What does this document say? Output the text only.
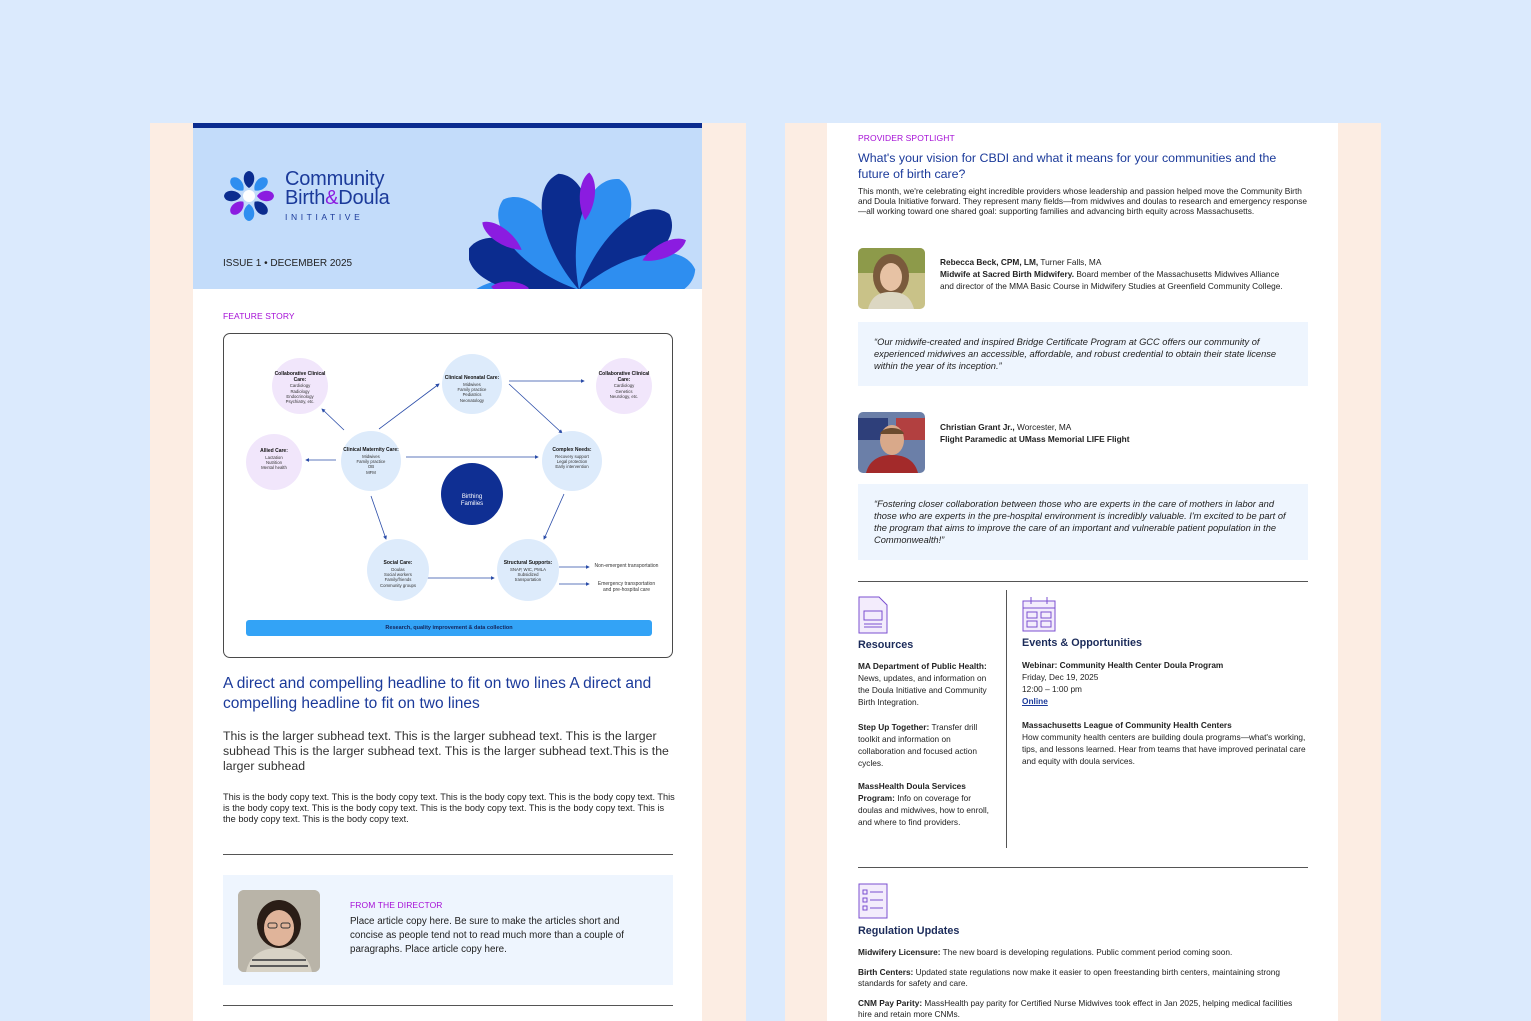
Community
Birth&Doula
INITIATIVE
ISSUE 1 • DECEMBER 2025
FEATURE STORY
Collaborative Clinical Care:
Cardiology
Radiology
Endocrinology
Psychiatry, etc.
Clinical Neonatal Care:
Midwives
Family practice
Pediatrics
Neonatology
Collaborative Clinical Care:
Cardiology
Genetics
Neurology, etc.
Allied Care:
Lactation
Nutrition
Mental health
Clinical Maternity Care:
Midwives
Family practice
OB
MFM
Complex Needs:
Recovery support
Legal protection
Early intervention
Social Care:
Doulas
Social workers
Family/friends
Community groups
Structural Supports:
SNAP, WIC, PMLA
Subsidized
transportation
Birthing
Families
Non-emergent transportation
Emergency transportation and pre-hospital care
Research, quality improvement & data collection
A direct and compelling headline to fit on two lines A direct and compelling headline to fit on two lines
This is the larger subhead text. This is the larger subhead text. This is the larger subhead This is the larger subhead text. This is the larger subhead text.This is the larger subhead
This is the body copy text. This is the body copy text. This is the body copy text. This is the body copy text. This is the body copy text. This is the body copy text. This is the body copy text. This is the body copy text. This is the body copy text. This is the body copy text.
FROM THE DIRECTOR
Place article copy here. Be sure to make the articles short and concise as people tend not to read much more than a couple of paragraphs. Place article copy here.
PROVIDER SPOTLIGHT
What's your vision for CBDI and what it means for your communities and the future of birth care?
This month, we're celebrating eight incredible providers whose leadership and passion helped move the Community Birth and Doula Initiative forward. They represent many fields—from midwives and doulas to research and emergency response—all working toward one shared goal: supporting families and advancing birth equity across Massachusetts.
Rebecca Beck, CPM, LM, Turner Falls, MA
Midwife at Sacred Birth Midwifery. Board member of the Massachusetts Midwives Alliance and director of the MMA Basic Course in Midwifery Studies at Greenfield Community College.
“Our midwife-created and inspired Bridge Certificate Program at GCC offers our community of experienced midwives an accessible, affordable, and robust credential to obtain their state license within the year of its inception.”
Christian Grant Jr., Worcester, MA
Flight Paramedic at UMass Memorial LIFE Flight
“Fostering closer collaboration between those who are experts in the care of mothers in labor and those who are experts in the pre-hospital environment is incredibly valuable. I'm excited to be part of the program that aims to improve the care of an important and vulnerable patient population in the Commonwealth!”
Resources
MA Department of Public Health: News, updates, and information on the Doula Initiative and Community Birth Integration.
Step Up Together: Transfer drill toolkit and information on collaboration and focused action cycles.
MassHealth Doula Services Program: Info on coverage for doulas and midwives, how to enroll, and where to find providers.
Events & Opportunities
Webinar: Community Health Center Doula Program
Friday, Dec 19, 2025
12:00 – 1:00 pm
Online
Massachusetts League of Community Health Centers
How community health centers are building doula programs—what's working, tips, and lessons learned. Hear from teams that have improved perinatal care and equity with doula services.
Regulation Updates
Midwifery Licensure: The new board is developing regulations. Public comment period coming soon.
Birth Centers: Updated state regulations now make it easier to open freestanding birth centers, maintaining strong standards for safety and care.
CNM Pay Parity: MassHealth pay parity for Certified Nurse Midwives took effect in Jan 2025, helping medical facilities hire and retain more CNMs.
